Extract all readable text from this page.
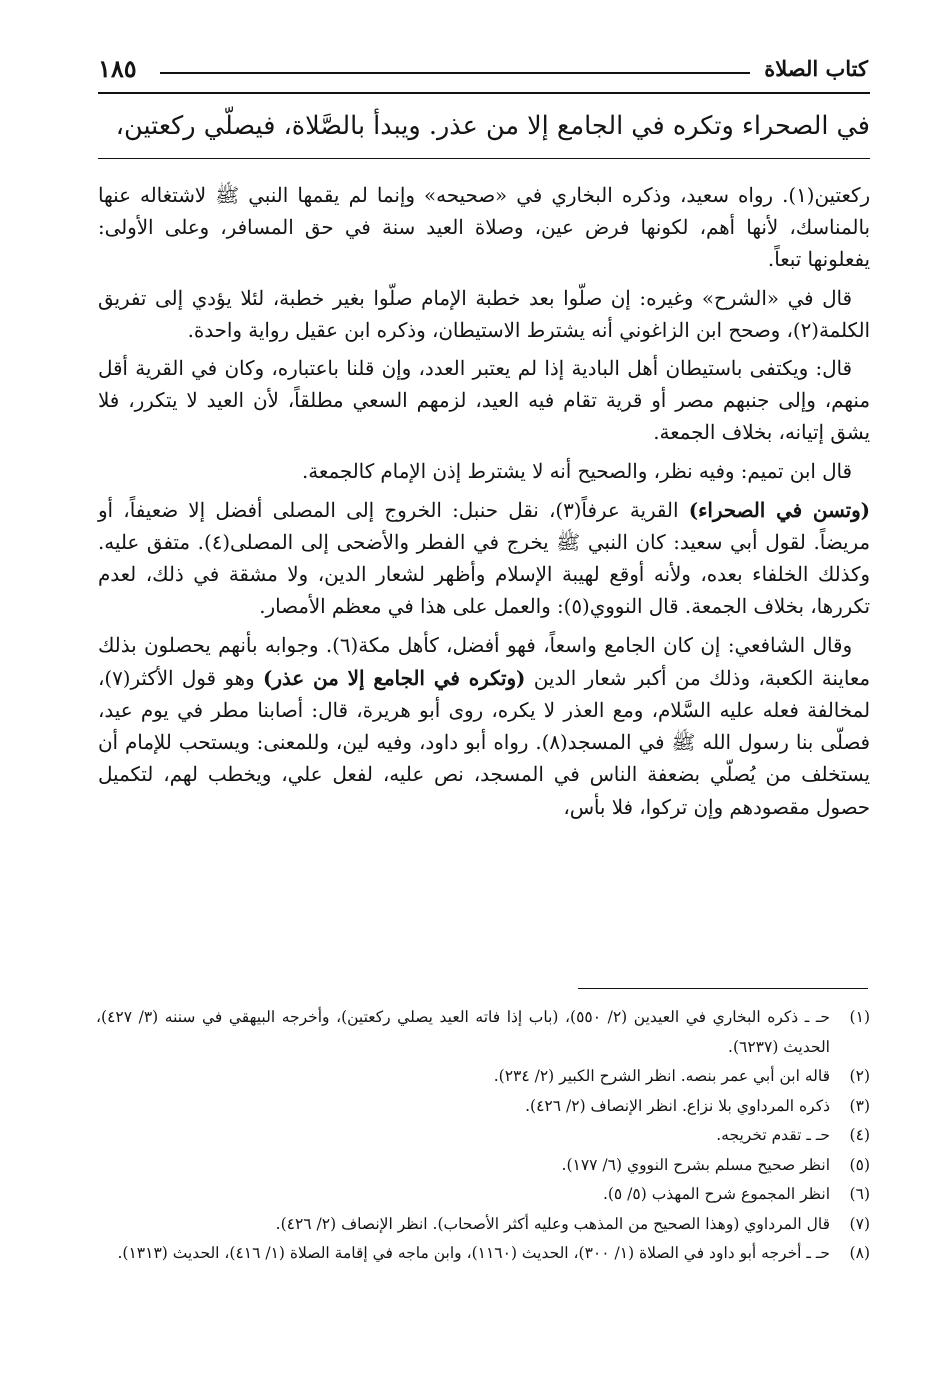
كتاب الصلاة
١٨٥
في الصحراء وتكره في الجامع إلا من عذر. ويبدأ بالصَّلاة، فيصلّي ركعتين،

ركعتين(١). رواه سعيد، وذكره البخاري في «صحيحه» وإنما لم يقمها النبي ﷺ لاشتغاله عنها بالمناسك، لأنها أهم، لكونها فرض عين، وصلاة العيد سنة في حق المسافر، وعلى الأولى: يفعلونها تبعاً.

قال في «الشرح» وغيره: إن صلّوا بعد خطبة الإمام صلّوا بغير خطبة، لئلا يؤدي إلى تفريق الكلمة(٢)، وصحح ابن الزاغوني أنه يشترط الاستيطان، وذكره ابن عقيل رواية واحدة.

قال: ويكتفى باستيطان أهل البادية إذا لم يعتبر العدد، وإن قلنا باعتباره، وكان في القرية أقل منهم، وإلى جنبهم مصر أو قرية تقام فيه العيد، لزمهم السعي مطلقاً، لأن العيد لا يتكرر، فلا يشق إتيانه، بخلاف الجمعة.

قال ابن تميم: وفيه نظر، والصحيح أنه لا يشترط إذن الإمام كالجمعة.

(وتسن في الصحراء) القرية عرفاً(٣)، نقل حنبل: الخروج إلى المصلى أفضل إلا ضعيفاً، أو مريضاً. لقول أبي سعيد: كان النبي ﷺ يخرج في الفطر والأضحى إلى المصلى(٤). متفق عليه. وكذلك الخلفاء بعده، ولأنه أوقع لهيبة الإسلام وأظهر لشعار الدين، ولا مشقة في ذلك، لعدم تكررها، بخلاف الجمعة. قال النووي(٥): والعمل على هذا في معظم الأمصار.

وقال الشافعي: إن كان الجامع واسعاً، فهو أفضل، كأهل مكة(٦). وجوابه بأنهم يحصلون بذلك معاينة الكعبة، وذلك من أكبر شعار الدين (وتكره في الجامع إلا من عذر) وهو قول الأكثر(٧)، لمخالفة فعله عليه السَّلام، ومع العذر لا يكره، روى أبو هريرة، قال: أصابنا مطر في يوم عيد، فصلّى بنا رسول الله ﷺ في المسجد(٨). رواه أبو داود، وفيه لين، وللمعنى: ويستحب للإمام أن يستخلف من يُصلّي بضعفة الناس في المسجد، نص عليه، لفعل علي، ويخطب لهم، لتكميل حصول مقصودهم وإن تركوا، فلا بأس،

(١)
حـ ـ ذكره البخاري في العيدين (٢/ ٥٥٠)، (باب إذا فاته العيد يصلي ركعتين)، وأخرجه البيهقي في سننه (٣/ ٤٢٧)، الحديث (٦٢٣٧).
(٢)
قاله ابن أبي عمر بنصه. انظر الشرح الكبير (٢/ ٢٣٤).
(٣)
ذكره المرداوي بلا نزاع. انظر الإنصاف (٢/ ٤٢٦).
(٤)
حـ ـ تقدم تخريجه.
(٥)
انظر صحيح مسلم بشرح النووي (٦/ ١٧٧).
(٦)
انظر المجموع شرح المهذب (٥/ ٥).
(٧)
قال المرداوي (وهذا الصحيح من المذهب وعليه أكثر الأصحاب). انظر الإنصاف (٢/ ٤٢٦).
(٨)
حـ ـ أخرجه أبو داود في الصلاة (١/ ٣٠٠)، الحديث (١١٦٠)، وابن ماجه في إقامة الصلاة (١/ ٤١٦)، الحديث (١٣١٣).
